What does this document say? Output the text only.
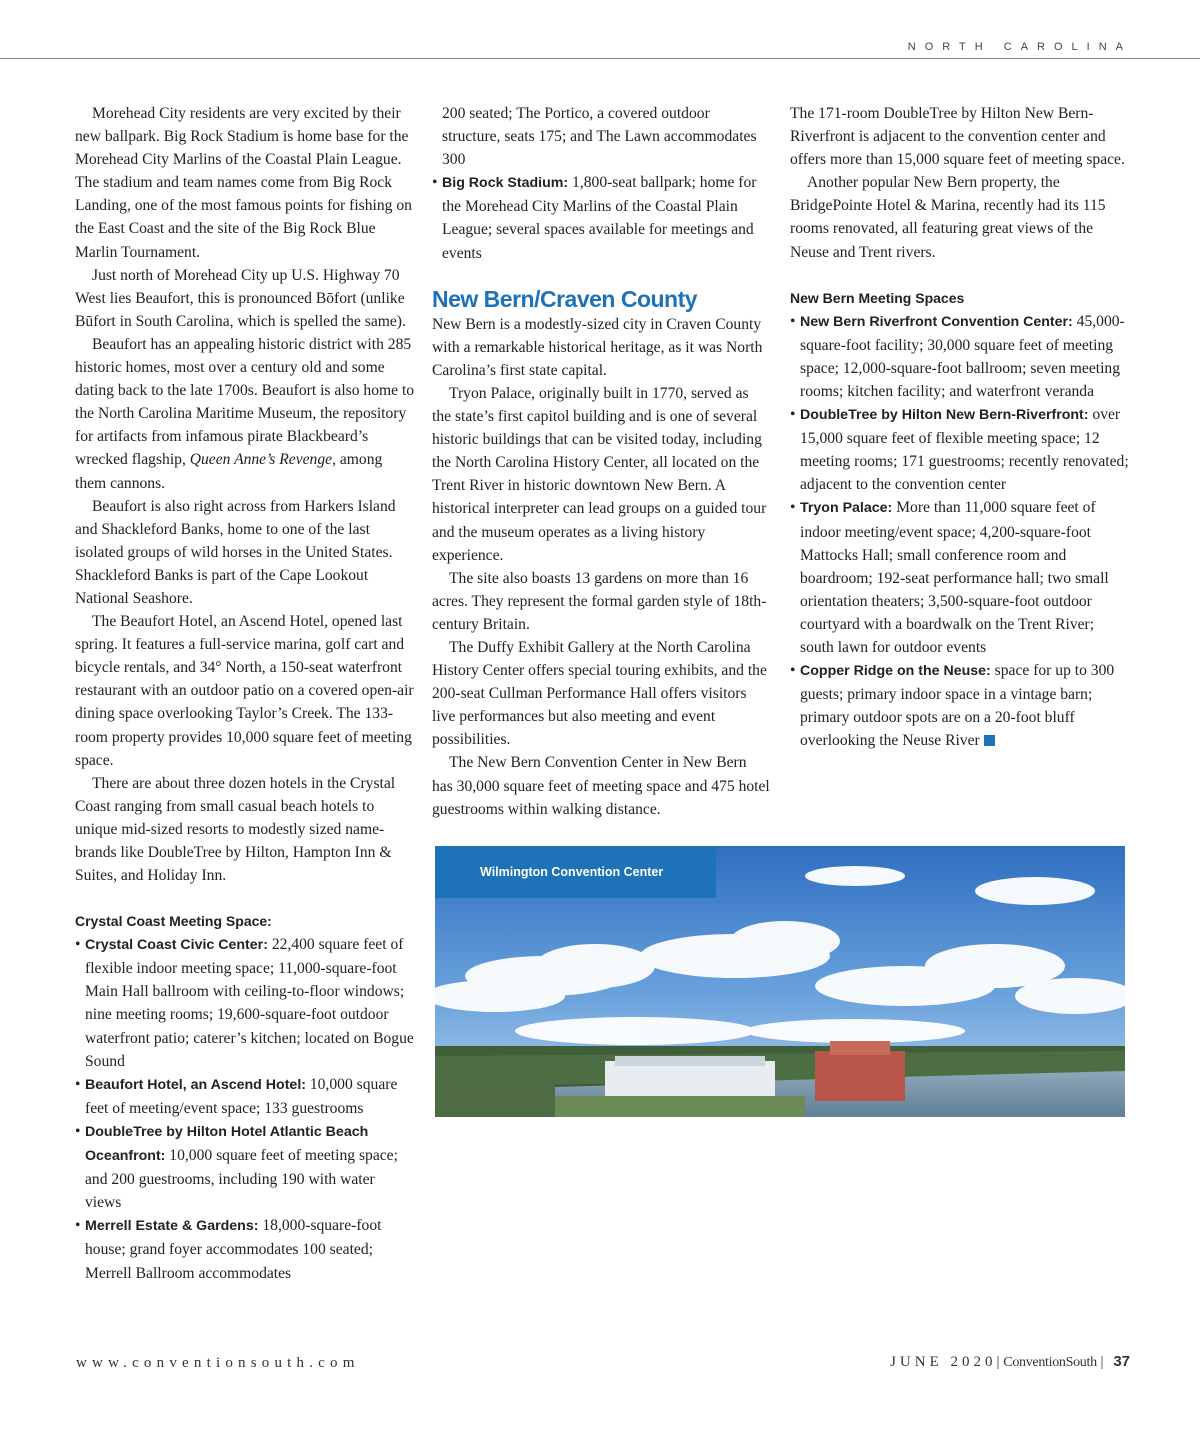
NORTH CAROLINA

Morehead City residents are very excited by their new ballpark. Big Rock Stadium is home base for the Morehead City Marlins of the Coastal Plain League. The stadium and team names come from Big Rock Landing, one of the most famous points for fishing on the East Coast and the site of the Big Rock Blue Marlin Tournament.

Just north of Morehead City up U.S. Highway 70 West lies Beaufort, this is pronounced Bōfort (unlike Būfort in South Carolina, which is spelled the same).

Beaufort has an appealing historic district with 285 historic homes, most over a century old and some dating back to the late 1700s. Beaufort is also home to the North Carolina Maritime Museum, the repository for artifacts from infamous pirate Blackbeard’s wrecked flagship, Queen Anne’s Revenge, among them cannons.

Beaufort is also right across from Harkers Island and Shackleford Banks, home to one of the last isolated groups of wild horses in the United States. Shackleford Banks is part of the Cape Lookout National Seashore.

The Beaufort Hotel, an Ascend Hotel, opened last spring. It features a full-service marina, golf cart and bicycle rentals, and 34° North, a 150-seat waterfront restaurant with an outdoor patio on a covered open-air dining space overlooking Taylor’s Creek. The 133-room property provides 10,000 square feet of meeting space.

There are about three dozen hotels in the Crystal Coast ranging from small casual beach hotels to unique mid-sized resorts to modestly sized name-brands like DoubleTree by Hilton, Hampton Inn & Suites, and Holiday Inn.

Crystal Coast Meeting Space:
• Crystal Coast Civic Center: 22,400 square feet of flexible indoor meeting space; 11,000-square-foot Main Hall ballroom with ceiling-to-floor windows; nine meeting rooms; 19,600-square-foot outdoor waterfront patio; caterer’s kitchen; located on Bogue Sound
• Beaufort Hotel, an Ascend Hotel: 10,000 square feet of meeting/event space; 133 guestrooms
• DoubleTree by Hilton Hotel Atlantic Beach Oceanfront: 10,000 square feet of meeting space; and 200 guestrooms, including 190 with water views
• Merrell Estate & Gardens: 18,000-square-foot house; grand foyer accommodates 100 seated; Merrell Ballroom accommodates
200 seated; The Portico, a covered outdoor structure, seats 175; and The Lawn accommodates 300
• Big Rock Stadium: 1,800-seat ballpark; home for the Morehead City Marlins of the Coastal Plain League; several spaces available for meetings and events
New Bern/Craven County

New Bern is a modestly-sized city in Craven County with a remarkable historical heritage, as it was North Carolina’s first state capital.

Tryon Palace, originally built in 1770, served as the state’s first capitol building and is one of several historic buildings that can be visited today, including the North Carolina History Center, all located on the Trent River in historic downtown New Bern. A historical interpreter can lead groups on a guided tour and the museum operates as a living history experience.

The site also boasts 13 gardens on more than 16 acres. They represent the formal garden style of 18th-century Britain.

The Duffy Exhibit Gallery at the North Carolina History Center offers special touring exhibits, and the 200-seat Cullman Performance Hall offers visitors live performances but also meeting and event possibilities.

The New Bern Convention Center in New Bern has 30,000 square feet of meeting space and 475 hotel guestrooms within walking distance.

The 171-room DoubleTree by Hilton New Bern-Riverfront is adjacent to the convention center and offers more than 15,000 square feet of meeting space.

Another popular New Bern property, the BridgePointe Hotel & Marina, recently had its 115 rooms renovated, all featuring great views of the Neuse and Trent rivers.

New Bern Meeting Spaces
• New Bern Riverfront Convention Center: 45,000-square-foot facility; 30,000 square feet of meeting space; 12,000-square-foot ballroom; seven meeting rooms; kitchen facility; and waterfront veranda
• DoubleTree by Hilton New Bern-Riverfront: over 15,000 square feet of flexible meeting space; 12 meeting rooms; 171 guestrooms; recently renovated; adjacent to the convention center
• Tryon Palace: More than 11,000 square feet of indoor meeting/event space; 4,200-square-foot Mattocks Hall; small conference room and boardroom; 192-seat performance hall; two small orientation theaters; 3,500-square-foot outdoor courtyard with a boardwalk on the Trent River; south lawn for outdoor events
• Copper Ridge on the Neuse: space for up to 300 guests; primary indoor space in a vintage barn; primary outdoor spots are on a 20-foot bluff overlooking the Neuse River
Wilmington Convention Center
www.conventionsouth.com	JUNE 2020| ConventionSouth | 37
